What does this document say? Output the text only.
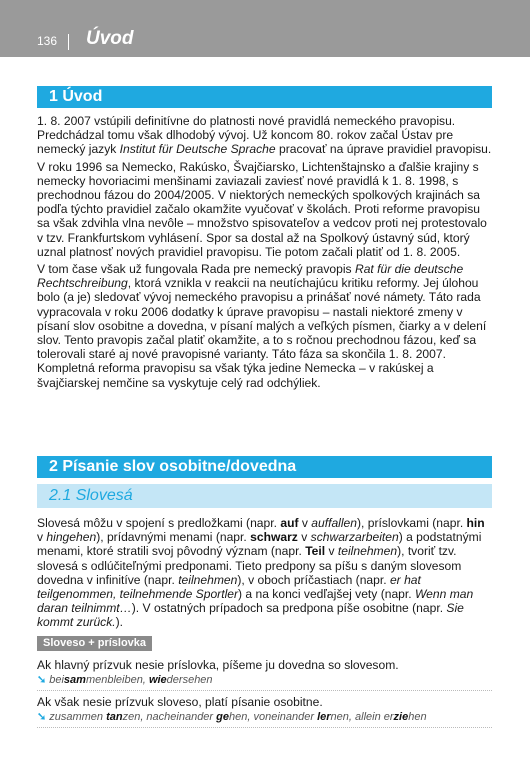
136 Úvod
1 Úvod

1. 8. 2007 vstúpili definitívne do platnosti nové pravidlá nemeckého pravopisu. Predchádzal tomu však dlhodobý vývoj. Už koncom 80. rokov začal Ústav pre nemecký jazyk Institut für Deutsche Sprache pracovať na úprave pravidiel pravopisu.

V roku 1996 sa Nemecko, Rakúsko, Švajčiarsko, Lichtenštajnsko a ďalšie krajiny s nemecky hovoriacimi menšinami zaviazali zaviesť nové pravidlá k 1. 8. 1998, s prechodnou fázou do 2004/2005. V niektorých nemeckých spolkových krajinách sa podľa týchto pravidiel začalo okamžite vyučovať v školách. Proti reforme pravopisu sa však zdvihla vlna nevôle – množstvo spisovateľov a vedcov proti nej protestovalo v tzv. Frankfurtskom vyhlásení. Spor sa dostal až na Spolkový ústavný súd, ktorý uznal platnosť nových pravidiel pravopisu. Tie potom začali platiť od 1. 8. 2005.

V tom čase však už fungovala Rada pre nemecký pravopis Rat für die deutsche Rechtschreibung, ktorá vznikla v reakcii na neutíchajúcu kritiku reformy. Jej úlohou bolo (a je) sledovať vývoj nemeckého pravopisu a prinášať nové námety. Táto rada vypracovala v roku 2006 dodatky k úprave pravopisu – nastali niektoré zmeny v písaní slov osobitne a dovedna, v písaní malých a veľkých písmen, čiarky a v delení slov. Tento pravopis začal platiť okamžite, a to s ročnou prechodnou fázou, keď sa tolerovali staré aj nové pravopisné varianty. Táto fáza sa skončila 1. 8. 2007. Kompletná reforma pravopisu sa však týka jedine Nemecka – v rakúskej a švajčiarskej nemčine sa vyskytuje celý rad odchýliek.

2 Písanie slov osobitne/dovedna
2.1 Slovesá

Slovesá môžu v spojení s predložkami (napr. auf v auffallen), príslovkami (napr. hin v hingehen), prídavnými menami (napr. schwarz v schwarzarbeiten) a podstatnými menami, ktoré stratili svoj pôvodný význam (napr. Teil v teilnehmen), tvoriť tzv. slovesá s odlúčiteľnými predponami. Tieto predpony sa píšu s daným slovesom dovedna v infinitíve (napr. teilnehmen), v oboch príčastiach (napr. er hat teilgenommen, teilnehmende Sportler) a na konci vedľajšej vety (napr. Wenn man daran teilnimmt…). V ostatných prípadoch sa predpona píše osobitne (napr. Sie kommt zurück.).

Sloveso + príslovka
Ak hlavný prízvuk nesie príslovka, píšeme ju dovedna so slovesom.
➘ beisammenbleiben, wiedersehen
Ak však nesie prízvuk sloveso, platí písanie osobitne.
➘ zusammen tanzen, nacheinander gehen, voneinander lernen, allein erziehen
